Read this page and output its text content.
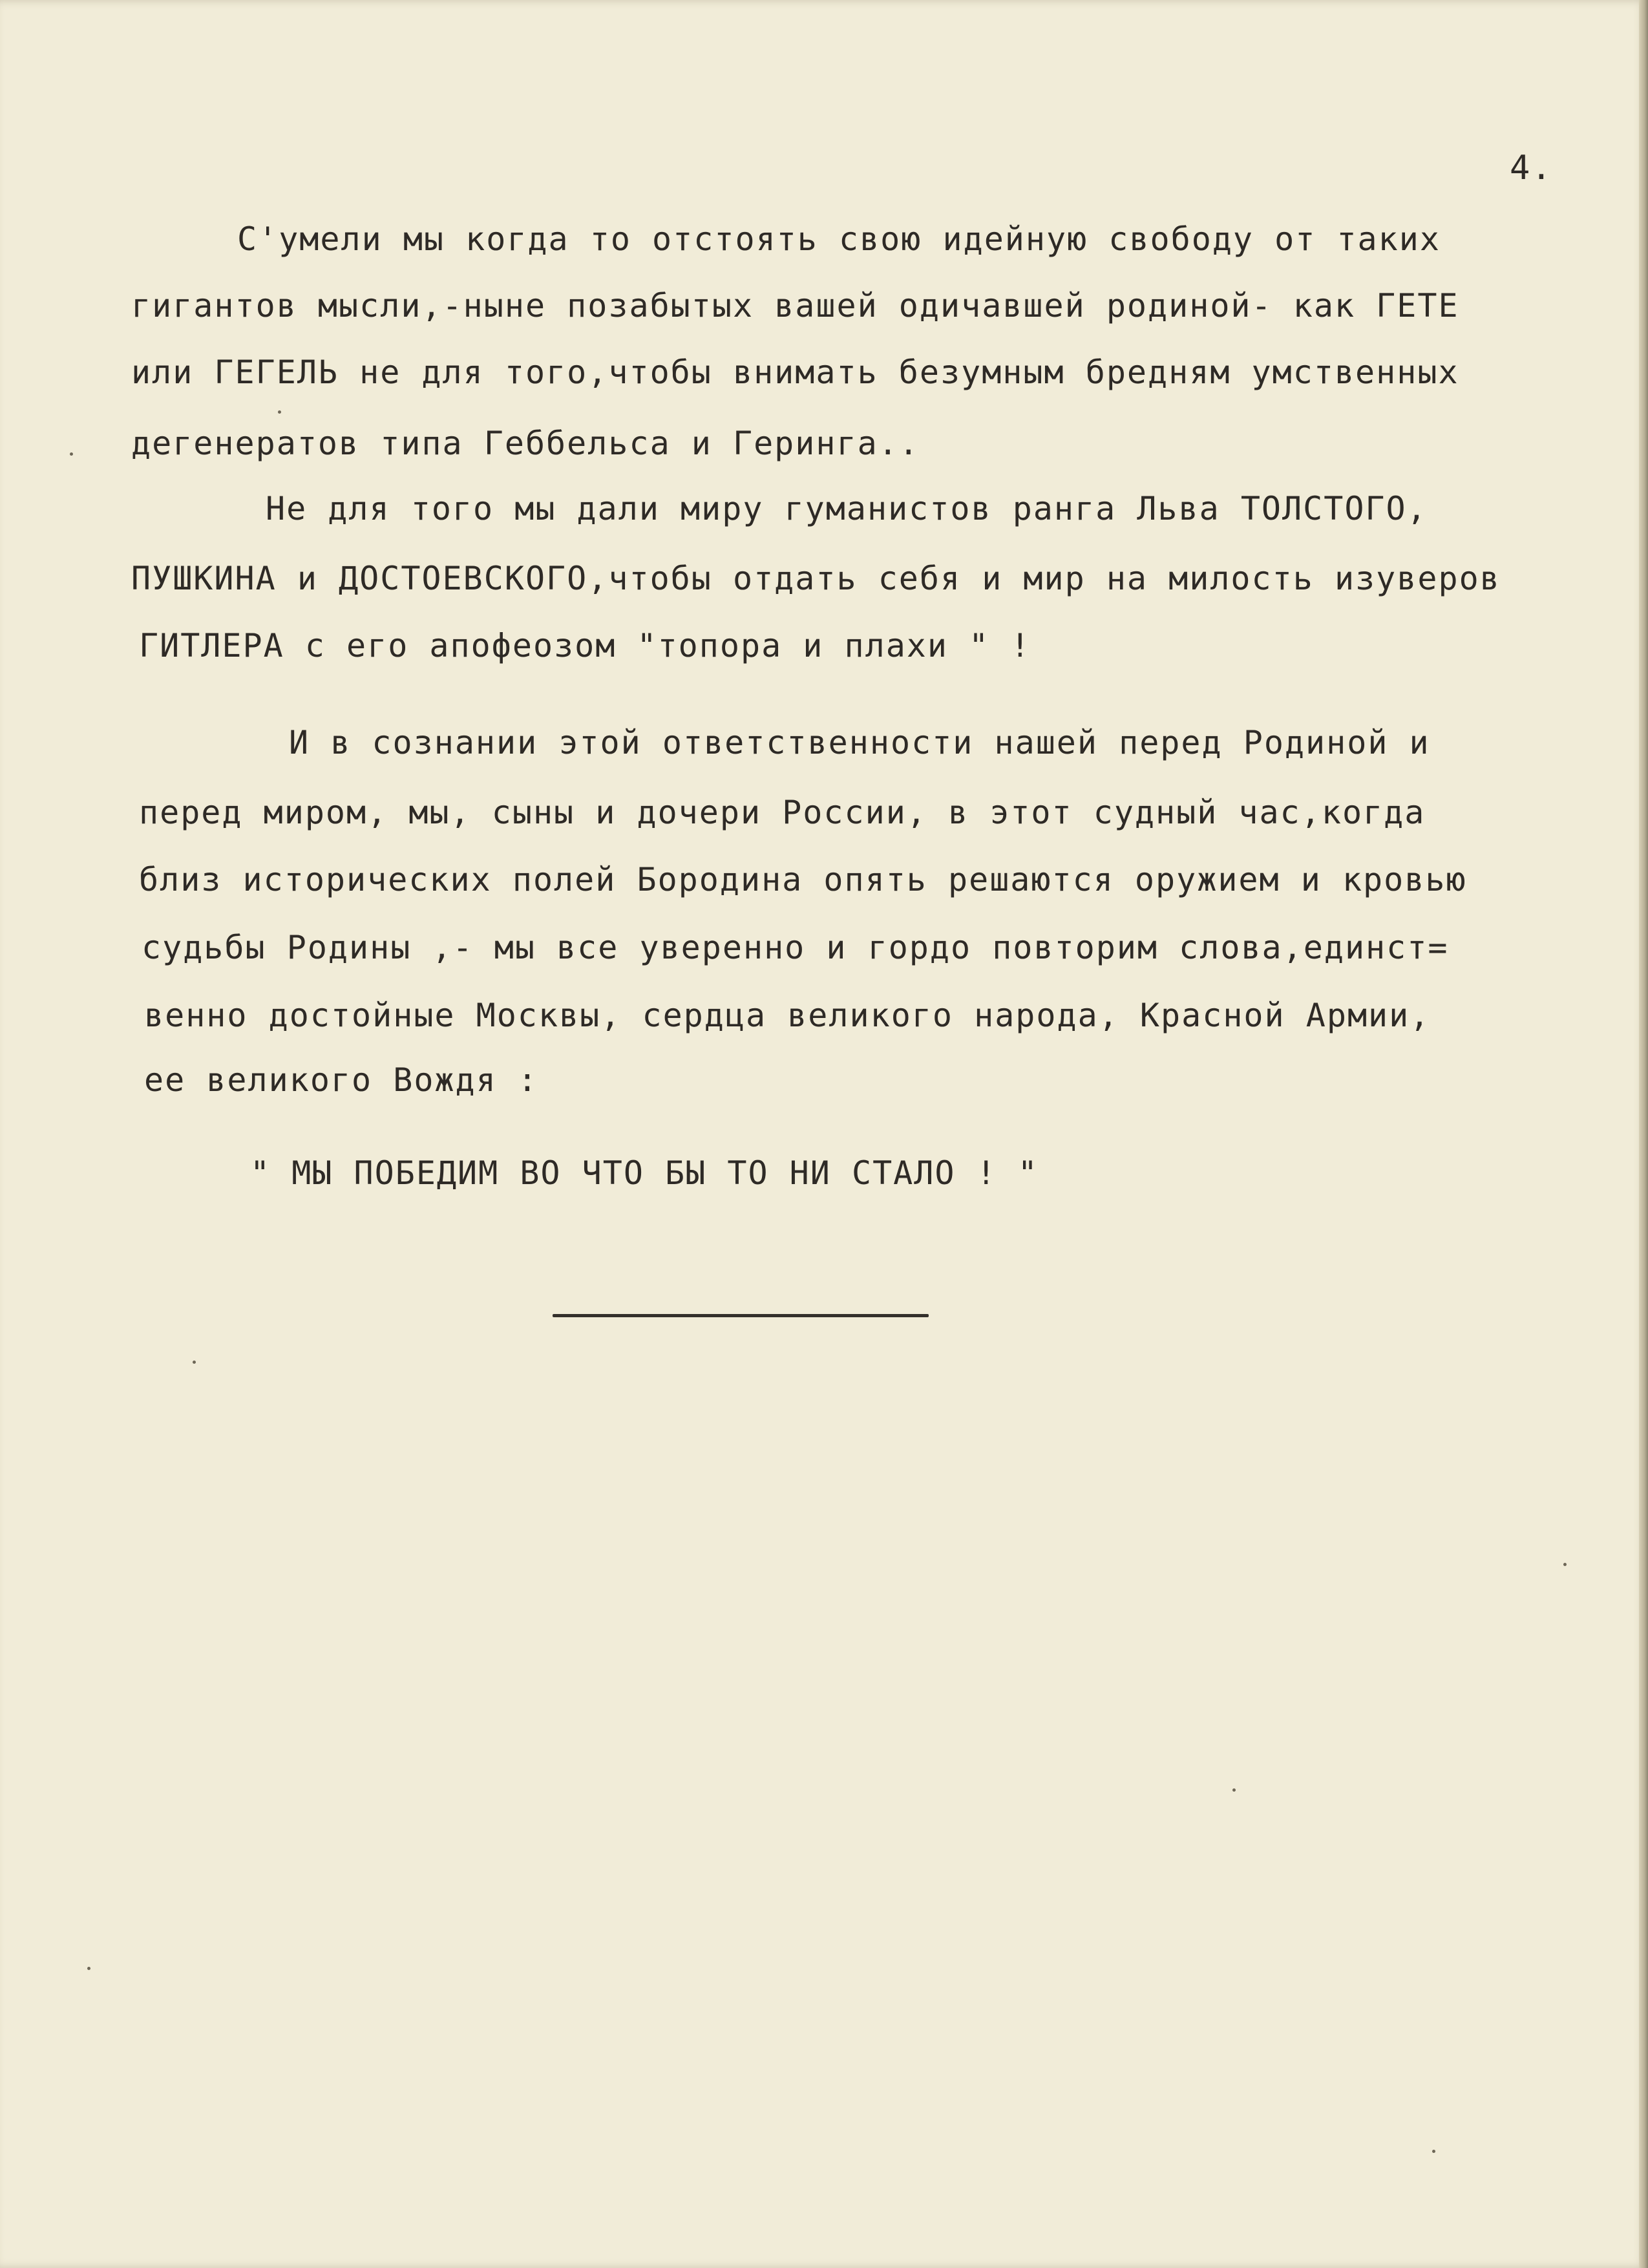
4.
С'умели мы когда то отстоять свою идейную свободу от таких
гигантов мысли,-ныне позабытых вашей одичавшей родиной- как ГЕТЕ
или ГЕГЕЛЬ не для того,чтобы внимать безумным бредням умственных
дегенератов типа Геббельса и Геринга..
Не для того мы дали миру гуманистов ранга Льва ТОЛСТОГО,
ПУШКИНА и ДОСТОЕВСКОГО,чтобы отдать себя и мир на милость изуверов
ГИТЛЕРА с его апофеозом "топора и плахи " !
И в сознании этой ответственности нашей перед Родиной и
перед миром, мы, сыны и дочери России, в этот судный час,когда
близ исторических полей Бородина опять решаются оружием и кровью
судьбы Родины ,- мы все уверенно и гордо повторим слова,единст=
венно достойные Москвы, сердца великого народа, Красной Армии,
ее великого Вождя :
" МЫ ПОБЕДИМ ВО ЧТО БЫ ТО НИ СТАЛО ! "
